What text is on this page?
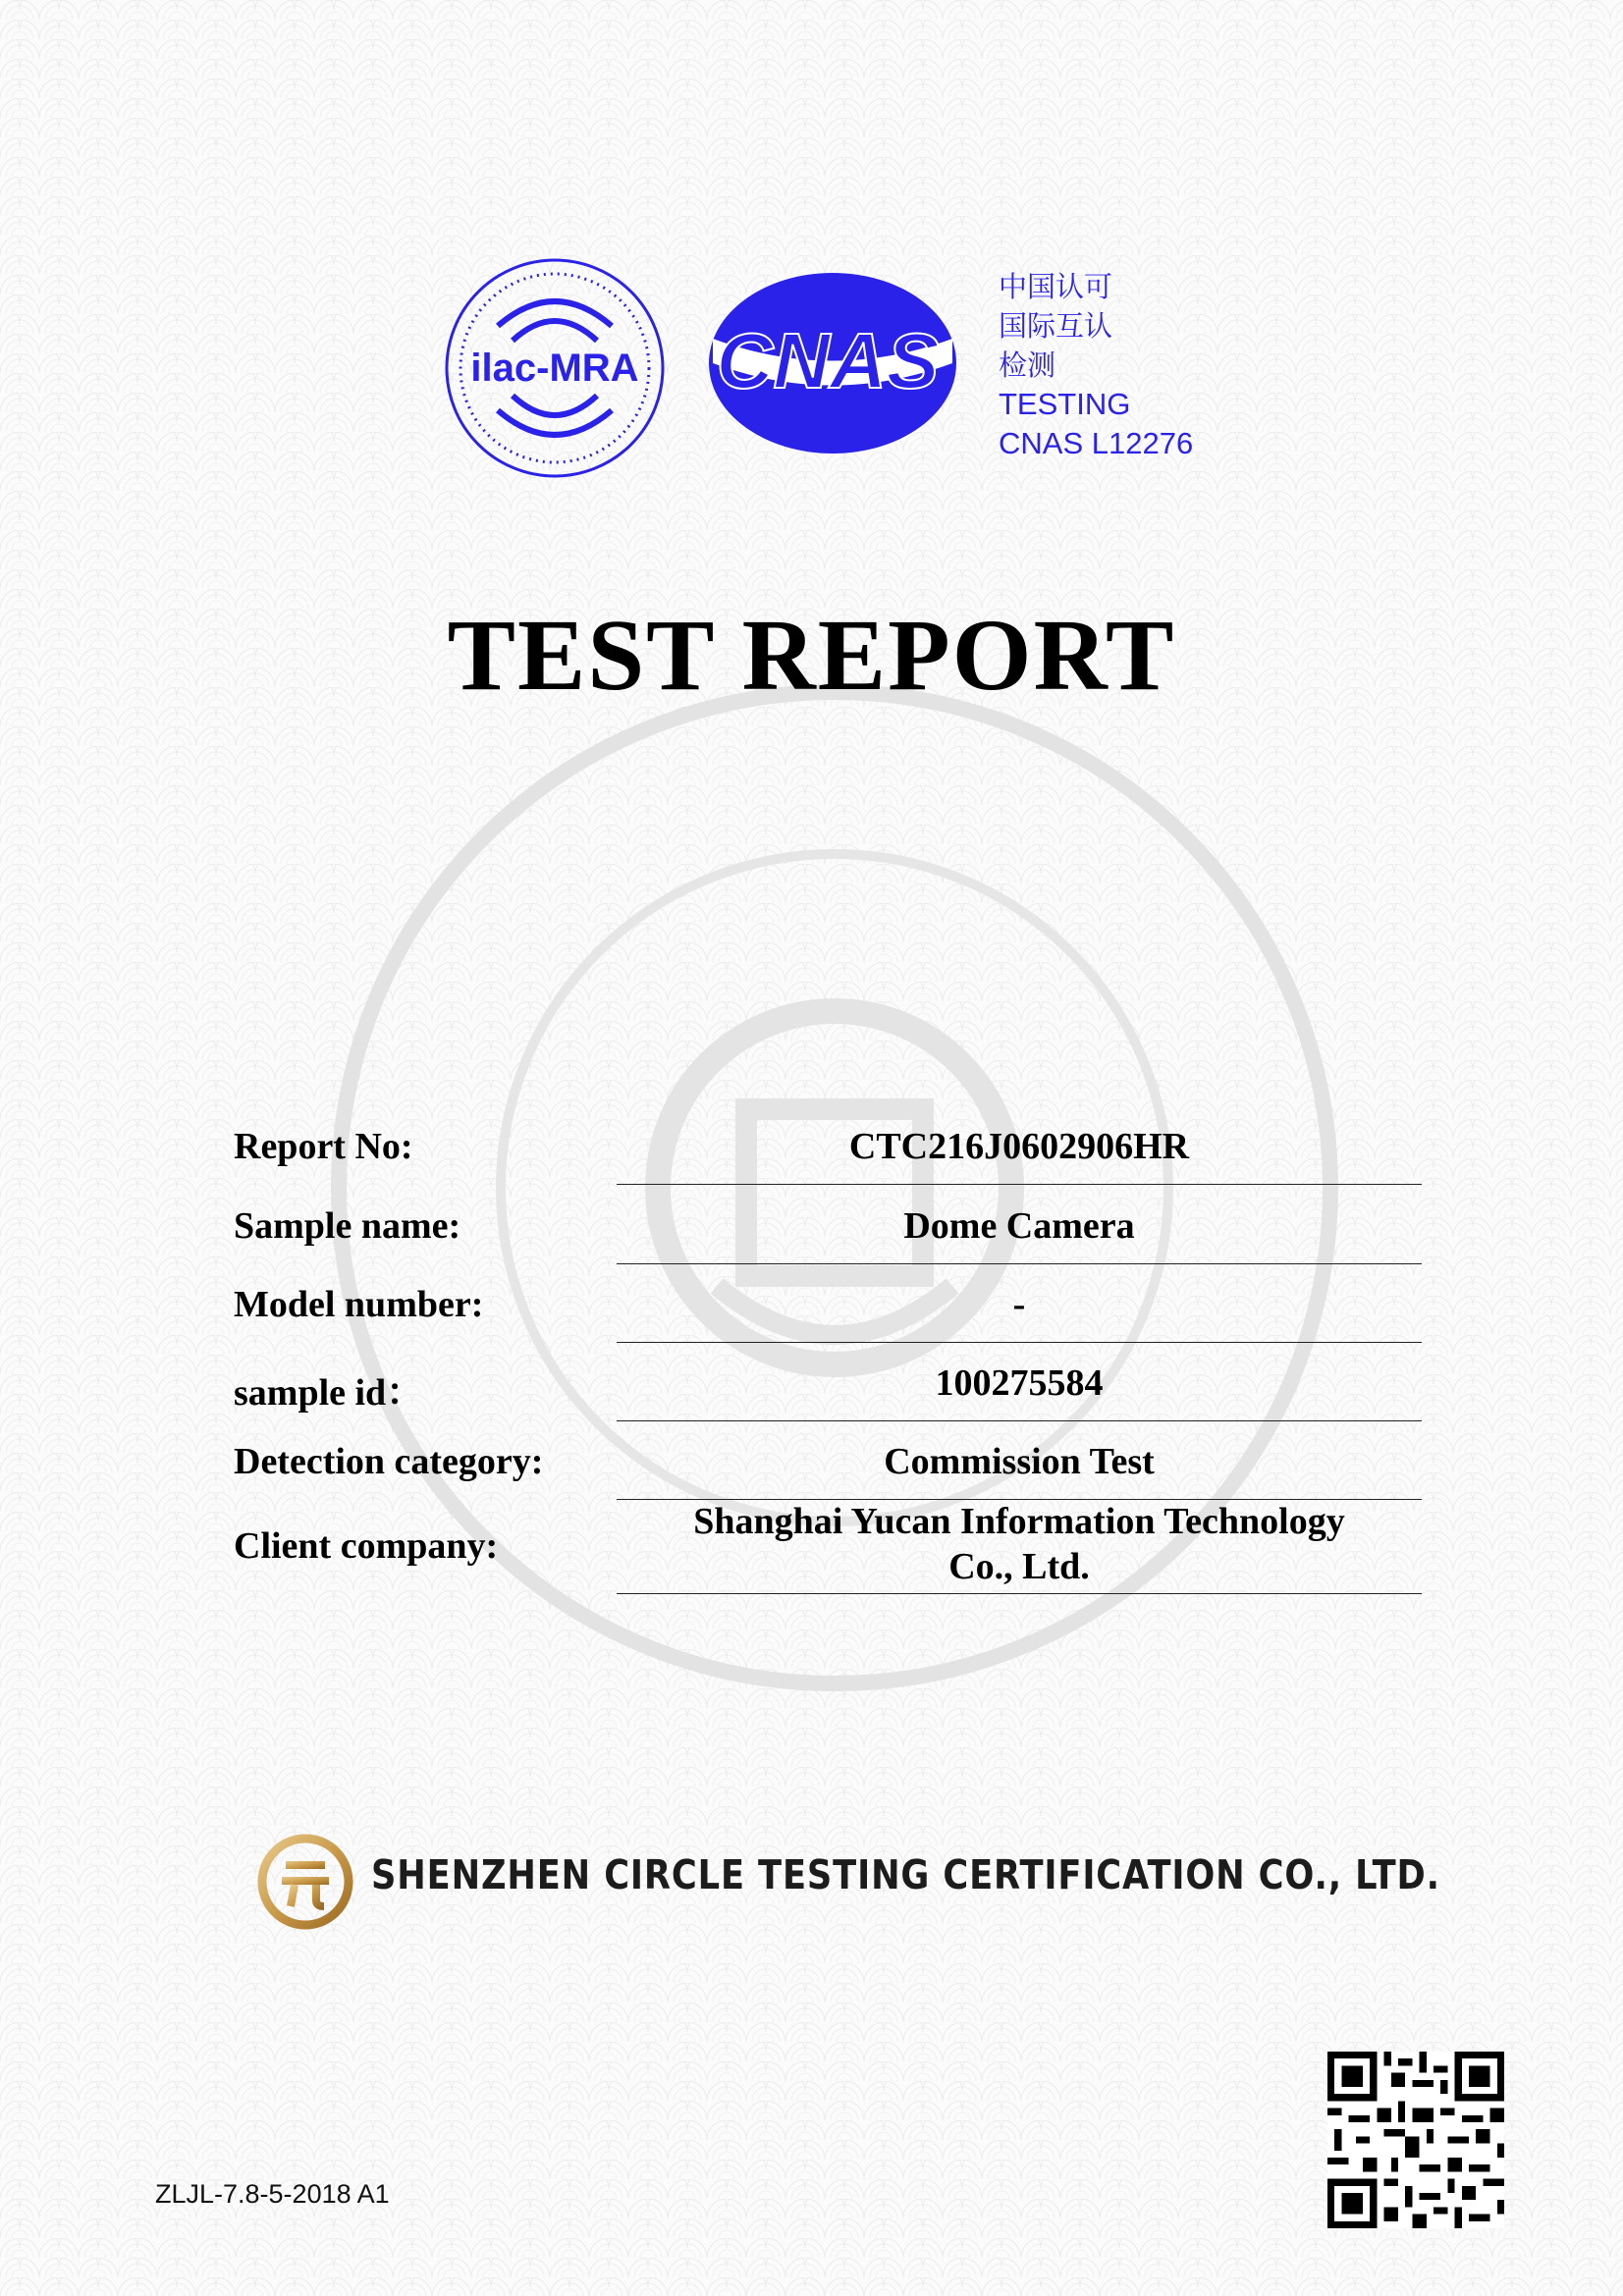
ilac-MRA CNAS
中国认可
国际互认
检测
TESTING
CNAS L12276
TEST REPORT
Report No:	CTC216J0602906HR
Sample name:	Dome Camera
Model number:	-
sample id：	100275584
Detection category:	Commission Test
Client company:
Shanghai Yucan Information Technology
Co., Ltd.
SHENZHEN CIRCLE TESTING CERTIFICATION CO., LTD.
ZLJL-7.8-5-2018 A1
